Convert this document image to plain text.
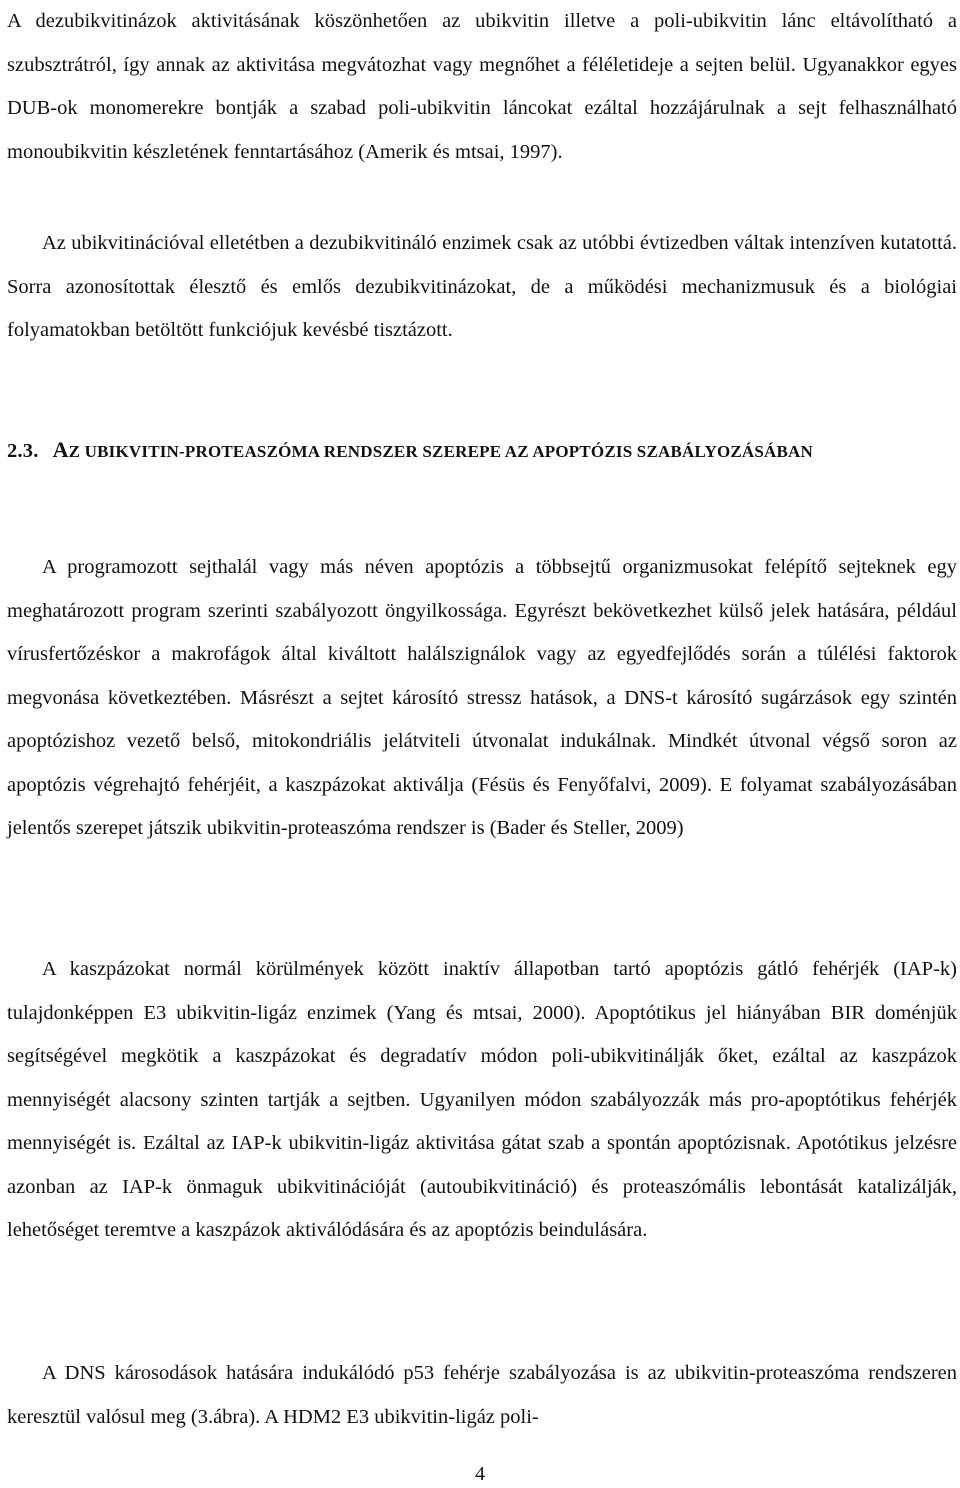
A dezubikvitinázok aktivitásának köszönhetően az ubikvitin illetve a poli-ubikvitin lánc eltávolítható a szubsztrátról, így annak az aktivitása megvátozhat vagy megnőhet a féléletideje a sejten belül. Ugyanakkor egyes DUB-ok monomerekre bontják a szabad poli-ubikvitin láncokat ezáltal hozzájárulnak a sejt felhasználható monoubikvitin készletének fenntartásához (Amerik és mtsai, 1997).

Az ubikvitinációval elletétben a dezubikvitináló enzimek csak az utóbbi évtizedben váltak intenzíven kutatottá. Sorra azonosítottak élesztő és emlős dezubikvitinázokat, de a működési mechanizmusuk és a biológiai folyamatokban betöltött funkciójuk kevésbé tisztázott.

2.3. AZ UBIKVITIN-PROTEASZÓMA RENDSZER SZEREPE AZ APOPTÓZIS SZABÁLYOZÁSÁBAN

A programozott sejthalál vagy más néven apoptózis a többsejtű organizmusokat felépítő sejteknek egy meghatározott program szerinti szabályozott öngyilkossága. Egyrészt bekövetkezhet külső jelek hatására, például vírusfertőzéskor a makrofágok által kiváltott halálszignálok vagy az egyedfejlődés során a túlélési faktorok megvonása következtében. Másrészt a sejtet károsító stressz hatások, a DNS-t károsító sugárzások egy szintén apoptózishoz vezető belső, mitokondriális jelátviteli útvonalat indukálnak. Mindkét útvonal végső soron az apoptózis végrehajtó fehérjéit, a kaszpázokat aktiválja (Fésüs és Fenyőfalvi, 2009). E folyamat szabályozásában jelentős szerepet játszik ubikvitin-proteaszóma rendszer is (Bader és Steller, 2009)

A kaszpázokat normál körülmények között inaktív állapotban tartó apoptózis gátló fehérjék (IAP-k) tulajdonképpen E3 ubikvitin-ligáz enzimek (Yang és mtsai, 2000). Apoptótikus jel hiányában BIR doménjük segítségével megkötik a kaszpázokat és degradatív módon poli-ubikvitinálják őket, ezáltal az kaszpázok mennyiségét alacsony szinten tartják a sejtben. Ugyanilyen módon szabályozzák más pro-apoptótikus fehérjék mennyiségét is. Ezáltal az IAP-k ubikvitin-ligáz aktivitása gátat szab a spontán apoptózisnak. Apotótikus jelzésre azonban az IAP-k önmaguk ubikvitinációját (autoubikvitináció) és proteaszómális lebontását katalizálják, lehetőséget teremtve a kaszpázok aktiválódására és az apoptózis beindulására.

A DNS károsodások hatására indukálódó p53 fehérje szabályozása is az ubikvitin-proteaszóma rendszeren keresztül valósul meg (3.ábra). A HDM2 E3 ubikvitin-ligáz poli-

4
